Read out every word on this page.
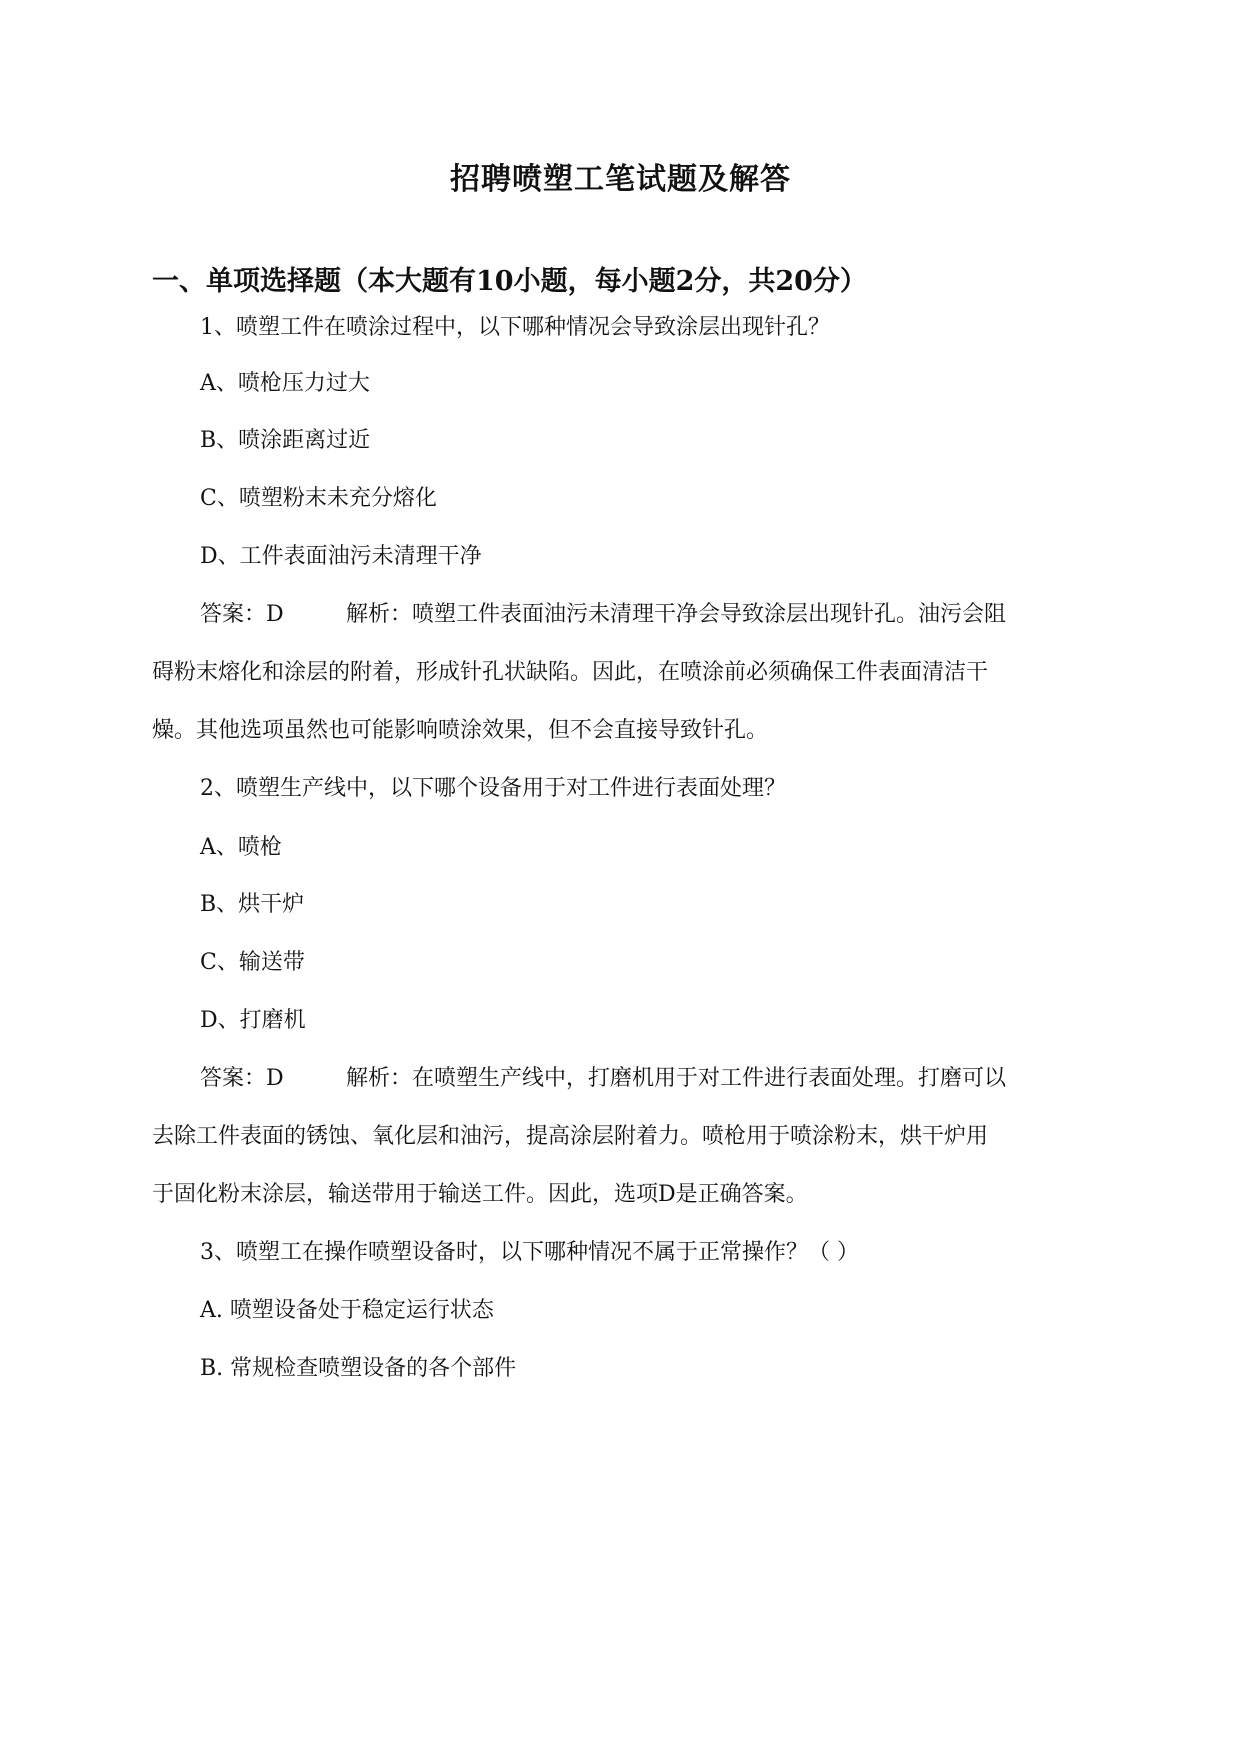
招聘喷塑工笔试题及解答
一、单项选择题（本大题有10小题，每小题2分，共20分）
1、喷塑工件在喷涂过程中，以下哪种情况会导致涂层出现针孔？
A、喷枪压力过大
B、喷涂距离过近
C、喷塑粉末未充分熔化
D、工件表面油污未清理干净
答案：D	解析：喷塑工件表面油污未清理干净会导致涂层出现针孔。油污会阻
碍粉末熔化和涂层的附着，形成针孔状缺陷。因此，在喷涂前必须确保工件表面清洁干
燥。其他选项虽然也可能影响喷涂效果，但不会直接导致针孔。
2、喷塑生产线中，以下哪个设备用于对工件进行表面处理？
A、喷枪
B、烘干炉
C、输送带
D、打磨机
答案：D	解析：在喷塑生产线中，打磨机用于对工件进行表面处理。打磨可以
去除工件表面的锈蚀、氧化层和油污，提高涂层附着力。喷枪用于喷涂粉末，烘干炉用
于固化粉末涂层，输送带用于输送工件。因此，选项D是正确答案。
3、喷塑工在操作喷塑设备时，以下哪种情况不属于正常操作？（ ）
A. 喷塑设备处于稳定运行状态
B. 常规检查喷塑设备的各个部件
